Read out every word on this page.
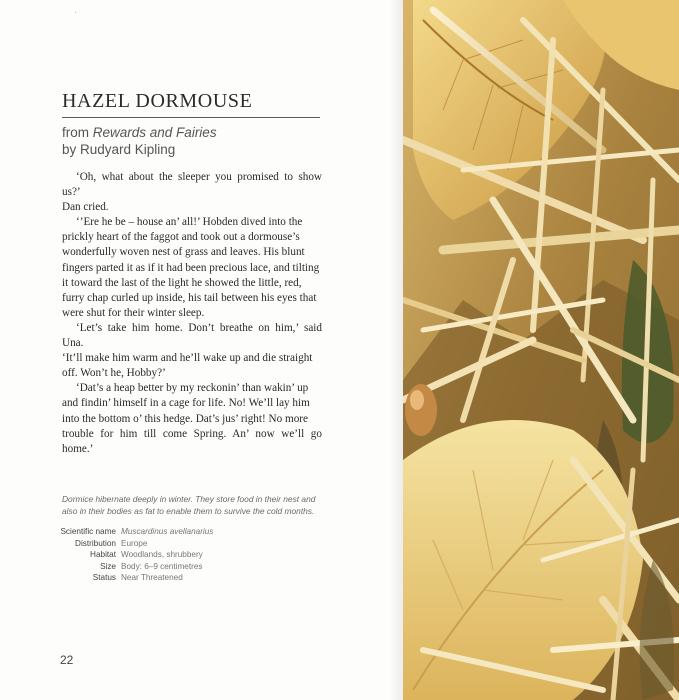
HAZEL DORMOUSE
from Rewards and Fairies
by Rudyard Kipling

‘Oh, what about the sleeper you promised to show us?’
Dan cried.

‘’Ere he be – house an’ all!’ Hobden dived into the
prickly heart of the faggot and took out a dormouse’s
wonderfully woven nest of grass and leaves. His blunt
fingers parted it as if it had been precious lace, and tilting
it toward the last of the light he showed the little, red,
furry chap curled up inside, his tail between his eyes that
were shut for their winter sleep.

‘Let’s take him home. Don’t breathe on him,’ said Una.
‘It’ll make him warm and he’ll wake up and die straight
off. Won’t he, Hobby?’

‘Dat’s a heap better by my reckonin’ than wakin’ up
and findin’ himself in a cage for life. No! We’ll lay him
into the bottom o’ this hedge. Dat’s jus’ right! No more
trouble for him till come Spring. An’ now we’ll go home.’

Dormice hibernate deeply in winter. They store food in their nest and
also in their bodies as fat to enable them to survive the cold months.
Scientific name Muscardinus avellanarius
Distribution Europe
Habitat Woodlands, shrubbery
Size Body: 6–9 centimetres
Status Near Threatened
22
